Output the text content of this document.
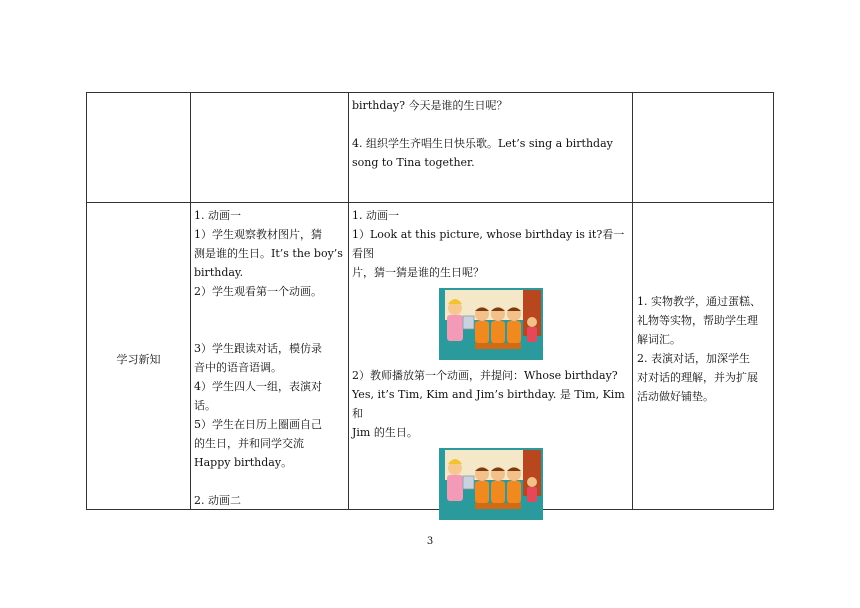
birthday? 今天是谁的生日呢？

4. 组织学生齐唱生日快乐歌。Let’s sing a birthday

song to Tina together.

学习新知

1. 动画一

1）学生观察教材图片，猜

测是谁的生日。It’s the boy’s

birthday.

2）学生观看第一个动画。

3）学生跟读对话，模仿录

音中的语音语调。

4）学生四人一组，表演对

话。

5）学生在日历上圈画自己

的生日，并和同学交流

Happy birthday。

2. 动画二

1. 动画一

1）Look at this picture, whose birthday is it?看一看图

片，猜一猜是谁的生日呢？

2）教师播放第一个动画，并提问：Whose birthday?

Yes, it’s Tim, Kim and Jim’s birthday. 是 Tim, Kim 和

Jim 的生日。

1. 实物教学，通过蛋糕、

礼物等实物，帮助学生理

解词汇。

2. 表演对话，加深学生

对对话的理解，并为扩展

活动做好铺垫。

3
